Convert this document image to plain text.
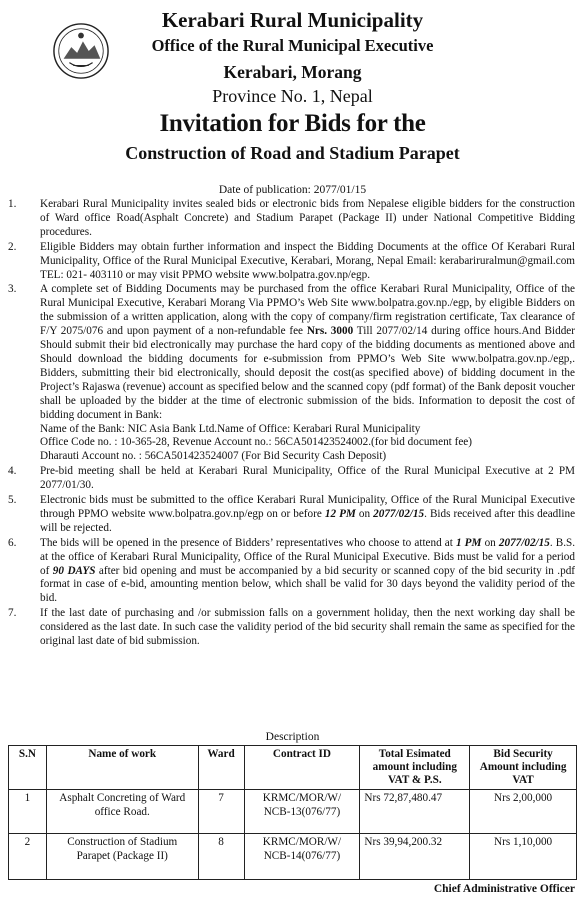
Kerabari Rural Municipality
Office of the Rural Municipal Executive
Kerabari, Morang
Province No. 1, Nepal
Invitation for Bids for the
Construction of Road and Stadium Parapet
Date of publication: 2077/01/15
1.	Kerabari Rural Municipality invites sealed bids or electronic bids from Nepalese eligible bidders for the construction of Ward office Road(Asphalt Concrete) and Stadium Parapet (Package II) under National Competitive Bidding procedures.
2.	Eligible Bidders may obtain further information and inspect the Bidding Documents at the office Of Kerabari Rural Municipality, Office of the Rural Municipal Executive, Kerabari, Morang, Nepal Email: kerabariruralmun@gmail.com TEL: 021- 403110 or may visit PPMO website www.bolpatra.gov.np/egp.
3.	A complete set of Bidding Documents may be purchased from the office Kerabari Rural Municipality, Office of the Rural Municipal Executive, Kerabari Morang Via PPMO’s Web Site www.bolpatra.gov.np./egp, by eligible Bidders on the submission of a written application, along with the copy of company/firm registration certificate, Tax clearance of F/Y 2075/076 and upon payment of a non-refundable fee Nrs. 3000 Till 2077/02/14 during office hours.And Bidder Should submit their bid electronically may purchase the hard copy of the bidding documents as mentioned above and Should download the bidding documents for e-submission from PPMO’s Web Site www.bolpatra.gov.np./egp,. Bidders, submitting their bid electronically, should deposit the cost(as specified above) of bidding document in the Project’s Rajaswa (revenue) account as specified below and the scanned copy (pdf format) of the Bank deposit voucher shall be uploaded by the bidder at the time of electronic submission of the bids. Information to deposit the cost of bidding document in Bank:
Name of the Bank: NIC Asia Bank Ltd.Name of Office: Kerabari Rural Municipality
Office Code no. : 10-365-28, Revenue Account no.: 56CA501423524002.(for bid document fee)
Dharauti Account no. : 56CA501423524007 (For Bid Security Cash Deposit)
4.	Pre-bid meeting shall be held at Kerabari Rural Municipality, Office of the Rural Municipal Executive at 2 PM 2077/01/30.
5.	Electronic bids must be submitted to the office Kerabari Rural Municipality, Office of the Rural Municipal Executive through PPMO website www.bolpatra.gov.np/egp on or before 12 PM on 2077/02/15. Bids received after this deadline will be rejected.
6.	The bids will be opened in the presence of Bidders’ representatives who choose to attend at 1 PM on 2077/02/15. B.S. at the office of Kerabari Rural Municipality, Office of the Rural Municipal Executive. Bids must be valid for a period of 90 DAYS after bid opening and must be accompanied by a bid security or scanned copy of the bid security in .pdf format in case of e-bid, amounting mention below, which shall be valid for 30 days beyond the validity period of the bid.
7.	If the last date of purchasing and /or submission falls on a government holiday, then the next working day shall be considered as the last date. In such case the validity period of the bid security shall remain the same as specified for the original last date of bid submission.
Description
S.N	Name of work	Ward	Contract ID	Total Esimated amount including VAT & P.S.	Bid Security Amount including VAT
1	Asphalt Concreting of Ward office Road.	7	KRMC/MOR/W/ NCB-13(076/77)	Nrs 72,87,480.47	Nrs 2,00,000
2	Construction of Stadium Parapet (Package II)	8	KRMC/MOR/W/ NCB-14(076/77)	Nrs 39,94,200.32	Nrs 1,10,000
Chief Administrative Officer
